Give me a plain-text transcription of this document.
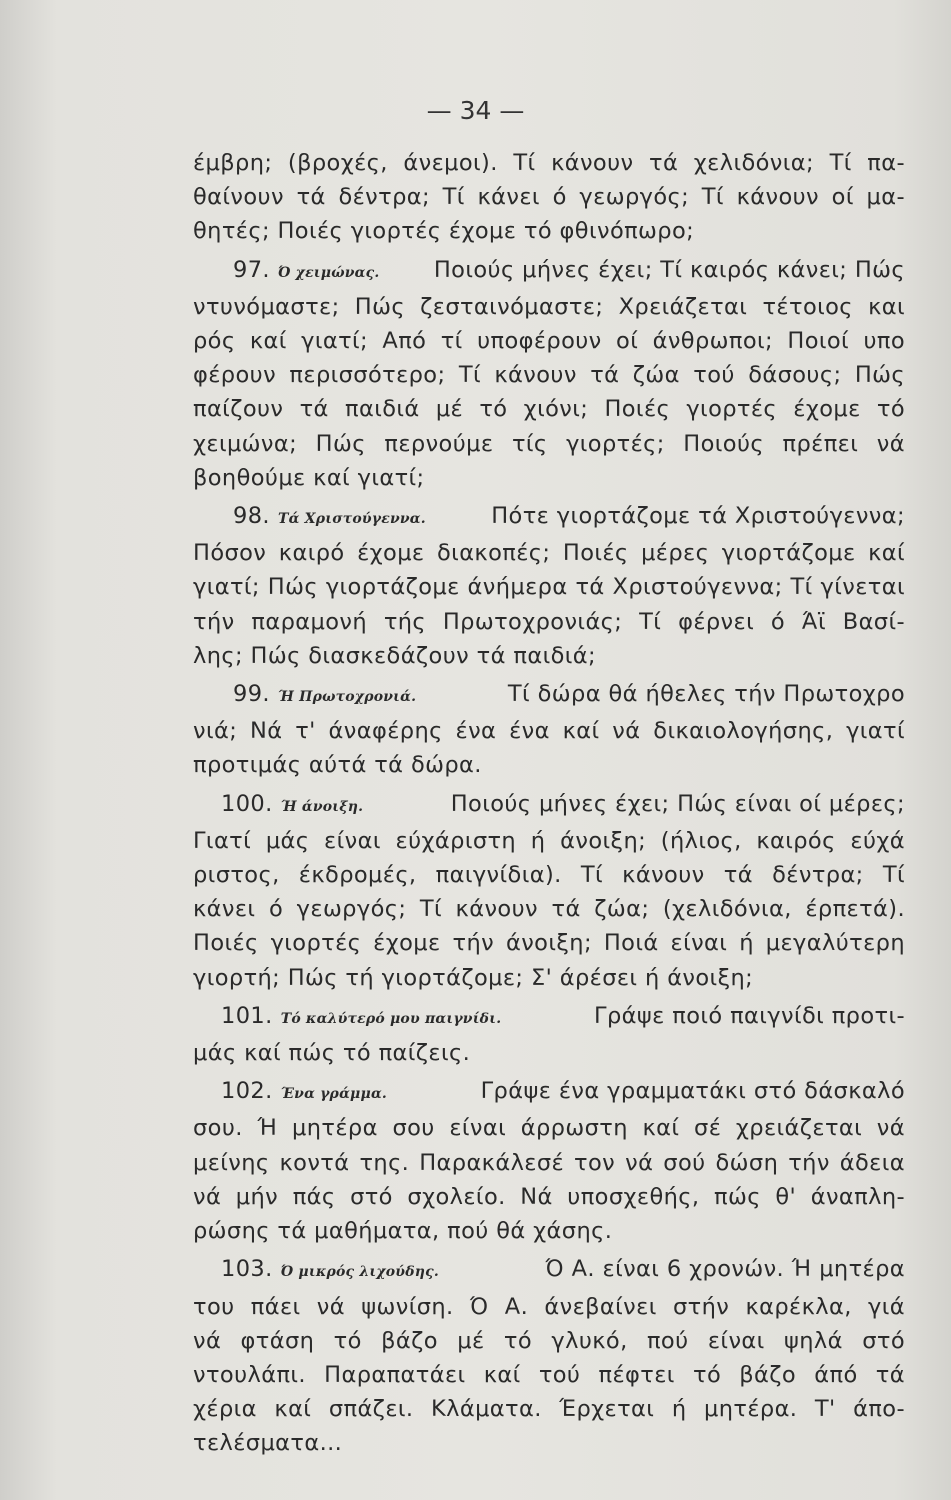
— 34 —
έμβρη; (βροχές, άνεμοι). Τί κάνουν τά χελιδόνια; Τί πα-
θαίνουν τά δέντρα; Τί κάνει ό γεωργός; Τί κάνουν οί μα-
θητές; Ποιές γιορτές έχομε τό φθινόπωρο;
97. Ό χειμώνας.	Ποιούς μήνες έχει; Τί καιρός κάνει; Πώς
ντυνόμαστε; Πώς ζεσταινόμαστε; Χρειάζεται τέτοιος και
ρός καί γιατί; Από τί υποφέρουν οί άνθρωποι; Ποιοί υπο
φέρουν περισσότερο; Τί κάνουν τά ζώα τού δάσους; Πώς
παίζουν τά παιδιά μέ τό χιόνι; Ποιές γιορτές έχομε τό
χειμώνα; Πώς περνούμε τίς γιορτές; Ποιούς πρέπει νά
βοηθούμε καί γιατί;
98. Τά Χριστούγεννα.	Πότε γιορτάζομε τά Χριστούγεννα;
Πόσον καιρό έχομε διακοπές; Ποιές μέρες γιορτάζομε καί
γιατί; Πώς γιορτάζομε άνήμερα τά Χριστούγεννα; Τί γίνεται
τήν παραμονή τής Πρωτοχρονιάς; Τί φέρνει ό Άϊ Βασί-
λης; Πώς διασκεδάζουν τά παιδιά;
99. Ή Πρωτοχρονιά.	Τί δώρα θά ήθελες τήν Πρωτοχρο
νιά; Νά τ' άναφέρης ένα ένα καί νά δικαιολογήσης, γιατί
προτιμάς αύτά τά δώρα.
100. Ή άνοιξη.	Ποιούς μήνες έχει; Πώς είναι οί μέρες;
Γιατί μάς είναι εύχάριστη ή άνοιξη; (ήλιος, καιρός εύχά
ριστος, έκδρομές, παιγνίδια). Τί κάνουν τά δέντρα; Τί
κάνει ό γεωργός; Τί κάνουν τά ζώα; (χελιδόνια, έρπετά).
Ποιές γιορτές έχομε τήν άνοιξη; Ποιά είναι ή μεγαλύτερη
γιορτή; Πώς τή γιορτάζομε; Σ' άρέσει ή άνοιξη;
101. Τό καλύτερό μου παιγνίδι.	Γράψε ποιό παιγνίδι προτι-
μάς καί πώς τό παίζεις.
102. Ένα γράμμα.	Γράψε ένα γραμματάκι στό δάσκαλό
σου. Ή μητέρα σου είναι άρρωστη καί σέ χρειάζεται νά
μείνης κοντά της. Παρακάλεσέ τον νά σού δώση τήν άδεια
νά μήν πάς στό σχολείο. Νά υποσχεθής, πώς θ' άναπλη-
ρώσης τά μαθήματα, πού θά χάσης.
103. Ό μικρός λιχούδης.	Ό Α. είναι 6 χρονών. Ή μητέρα
του πάει νά ψωνίση. Ό Α. άνεβαίνει στήν καρέκλα, γιά
νά φτάση τό βάζο μέ τό γλυκό, πού είναι ψηλά στό
ντουλάπι. Παραπατάει καί τού πέφτει τό βάζο άπό τά
χέρια καί σπάζει. Κλάματα. Έρχεται ή μητέρα. Τ' άπο-
τελέσματα...
